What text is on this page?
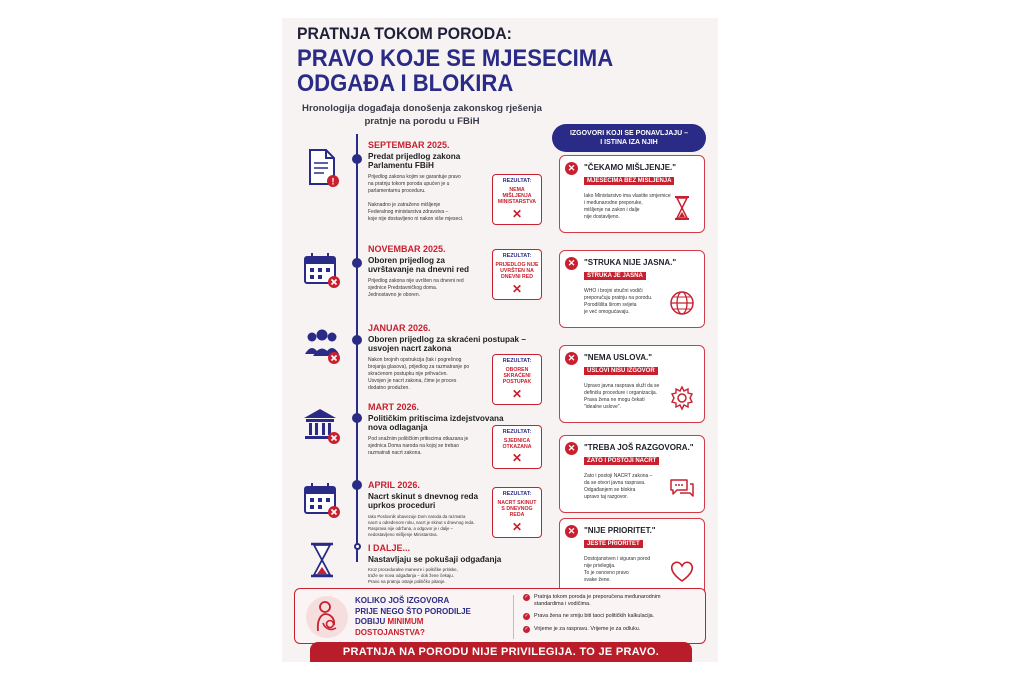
PRATNJA TOKOM PORODA:
PRAVO KOJE SE MJESECIMA
ODGAĐA I BLOKIRA
Hronologija događaja donošenja zakonskog rješenja
pratnje na porodu u FBiH
IZGOVORI KOJI SE PONAVLJAJU –
I ISTINA IZA NJIH
!
SEPTEMBAR 2025.
Predat prijedlog zakona
Parlamentu FBiH
Prijedlog zakona kojim se garantuje pravo
na pratnju tokom poroda upućen je u
parlamentarnu proceduru.

Naknadno je zatraženo mišljenje
Federalnog ministarstva zdravstva –
koje nije dostavljeno ni nakon više mjeseci.
REZULTAT:
NEMA MIŠLJENJA
MINISTARSTVA
✕
NOVEMBAR 2025.
Oboren prijedlog za
uvrštavanje na dnevni red
Prijedlog zakona nije uvršten na dnevni red
sjednice Predstavničkog doma.
Jednostavno je oboren.
REZULTAT:
PRIJEDLOG NIJE
UVRŠTEN NA
DNEVNI RED
✕
JANUAR 2026.
Oboren prijedlog za skraćeni postupak –
usvojen nacrt zakona
Nakon brojnih opstrukcija (tak i pogrešnog
brojanja glasova), prijedlog za razmatranje po
skraćenom postupku nije prihvaćen.
Usvojen je nacrt zakona, čime je proces
dodatno produžen.
REZULTAT:
OBOREN
SKRAĆENI
POSTUPAK
✕
MART 2026.
Političkim pritiscima izdejstvovana
nova odlaganja
Pod snažnim političkim pritiscima otkazana je
sjednica Doma naroda na kojoj se trebao
razmatrati nacrt zakona.
REZULTAT:
SJEDNICA
OTKAZANA
✕
APRIL 2026.
Nacrt skinut s dnevnog reda
uprkos proceduri
Iako Poslovnik obavezuje Dom naroda da razmatra
nacrt u određenom roku, nacrt je skinut s dnevnog reda.
Rasprava nije održana, a odgovor je i dalje –
nedostavljeno mišljenje Ministarstva.
REZULTAT:
NACRT SKINUT
S DNEVNOG REDA
✕
I DALJE...
Nastavljaju se pokušaji odgađanja
Kroz proceduralne manevre i političke pritiske,
traže se nova odgađanja – dok žene čekaju.
Pravo na pratnju ostaje političko pitanje.
✕	"ČEKAMO MIŠLJENJE."
MJESECIMA BEZ MIŠLJENJA
Iako Ministarstvo ima vlastite smjernice
i međunarodne preporuke,
mišljenje na zakon i dalje
nije dostavljeno.
✕	"STRUKA NIJE JASNA."
STRUKA JE JASNA
WHO i brojni stručni vodiči
preporučuju pratnju na porodu.
Porodilišta širom svijeta
je već omogućavaju.
✕	"NEMA USLOVA."
USLOVI NISU IZGOVOR
Upravo javna rasprava služi da se
definišu procedure i organizacija.
Prava žena ne mogu čekati
"idealne uslove".
✕	"TREBA JOŠ RAZGOVORA."
ZATO I POSTOJI NACRT
Zato i postoji NACRT zakona –
da se otvori javna rasprava.
Odgađanjem se blokira
upravo taj razgovor.
✕	"NIJE PRIORITET."
JESTE PRIORITET
Dostojanstven i siguran porod
nije privilegija.
To je osnovno pravo
svake žene.
KOLIKO JOŠ IZGOVORA
PRIJE NEGO ŠTO PORODILJE
DOBIJU MINIMUM
DOSTOJANSTVA?
✓ Pratnja tokom poroda je preporučena međunarodnim
standardima i vodičima.
✓ Prava žena ne smiju biti taoci političkih kalkulacija.
✓ Vrijeme je za raspravu. Vrijeme je za odluku.
PRATNJA NA PORODU NIJE PRIVILEGIJA. TO JE PRAVO.
